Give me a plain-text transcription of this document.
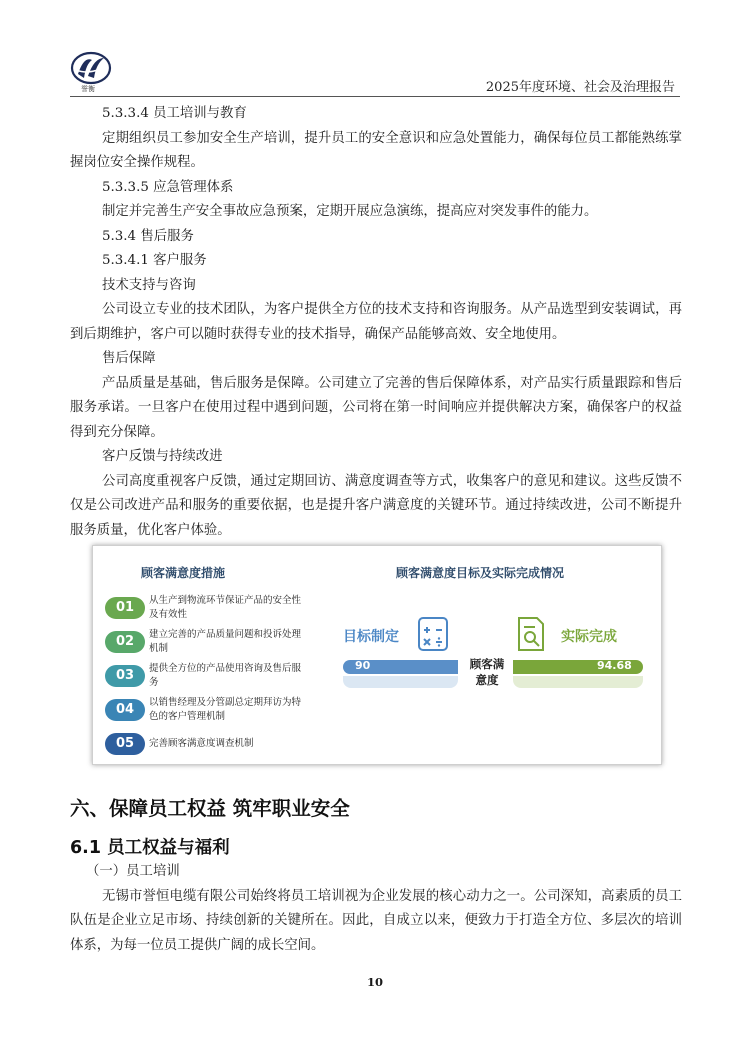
誉衡	2025年度环境、社会及治理报告

5.3.3.4 员工培训与教育

定期组织员工参加安全生产培训，提升员工的安全意识和应急处置能力，确保每位员工都能熟练掌握岗位安全操作规程。

5.3.3.5 应急管理体系

制定并完善生产安全事故应急预案，定期开展应急演练，提高应对突发事件的能力。

5.3.4 售后服务

5.3.4.1 客户服务

技术支持与咨询

公司设立专业的技术团队，为客户提供全方位的技术支持和咨询服务。从产品选型到安装调试，再到后期维护，客户可以随时获得专业的技术指导，确保产品能够高效、安全地使用。

售后保障

产品质量是基础，售后服务是保障。公司建立了完善的售后保障体系，对产品实行质量跟踪和售后服务承诺。一旦客户在使用过程中遇到问题，公司将在第一时间响应并提供解决方案，确保客户的权益得到充分保障。

客户反馈与持续改进

公司高度重视客户反馈，通过定期回访、满意度调查等方式，收集客户的意见和建议。这些反馈不仅是公司改进产品和服务的重要依据，也是提升客户满意度的关键环节。通过持续改进，公司不断提升服务质量，优化客户体验。

顾客满意度措施	顾客满意度目标及实际完成情况
01	从生产到物流环节保证产品的安全性及有效性
02	建立完善的产品质量问题和投诉处理机制
03	提供全方位的产品使用咨询及售后服务
04	以销售经理及分管副总定期拜访为特色的客户管理机制
05	完善顾客满意度调查机制
目标制定	实际完成
90	顾客满意度
94.68
六、保障员工权益 筑牢职业安全
6.1 员工权益与福利

（一）员工培训

无锡市誉恒电缆有限公司始终将员工培训视为企业发展的核心动力之一。公司深知，高素质的员工队伍是企业立足市场、持续创新的关键所在。因此，自成立以来，便致力于打造全方位、多层次的培训体系，为每一位员工提供广阔的成长空间。

10
